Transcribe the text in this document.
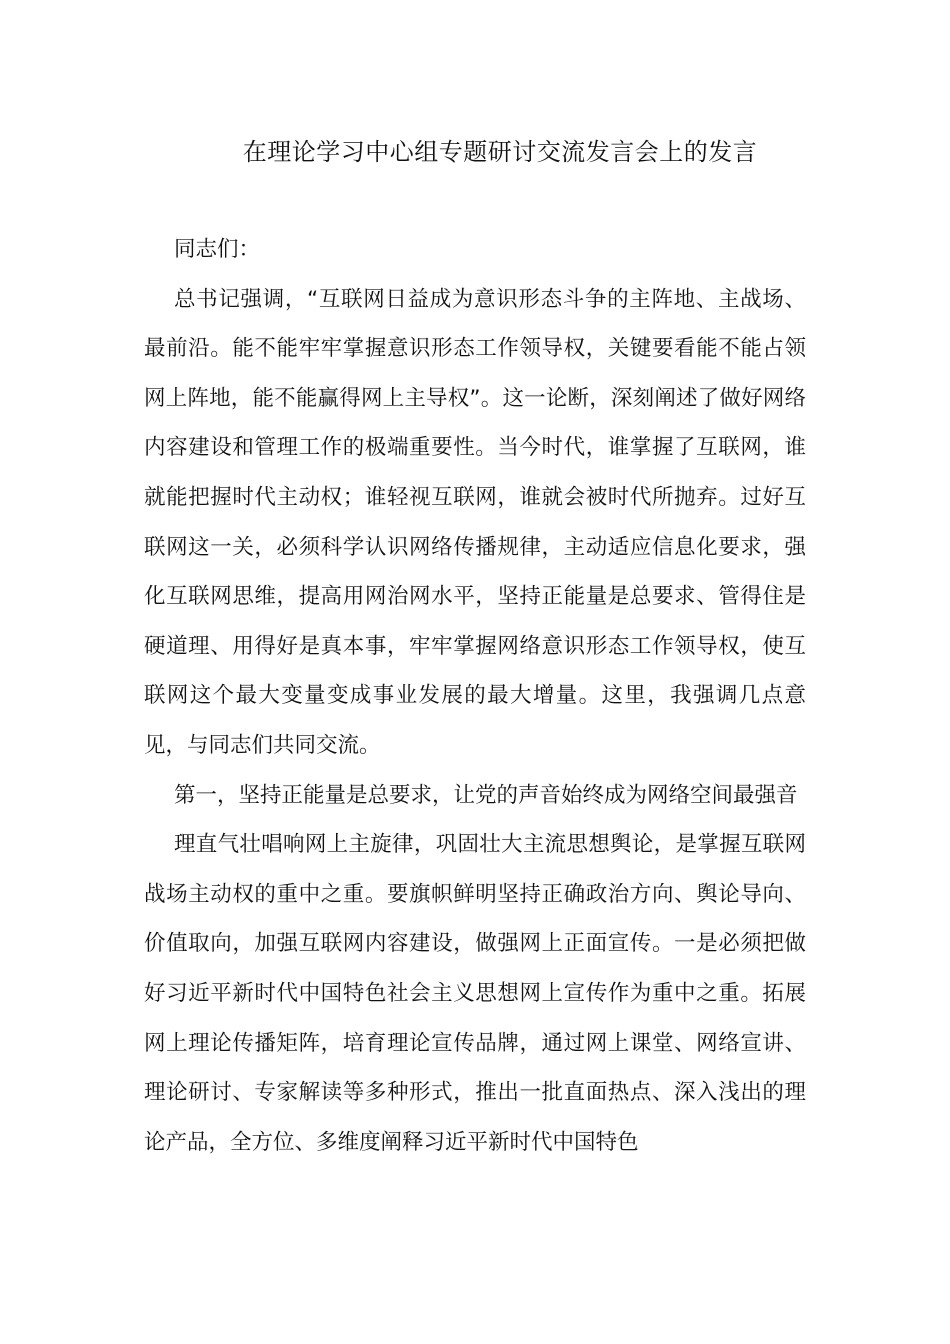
在理论学习中心组专题研讨交流发言会上的发言

同志们：

总书记强调，“互联网日益成为意识形态斗争的主阵地、主战场、最前沿。能不能牢牢掌握意识形态工作领导权，关键要看能不能占领网上阵地，能不能赢得网上主导权”。这一论断，深刻阐述了做好网络内容建设和管理工作的极端重要性。当今时代，谁掌握了互联网，谁就能把握时代主动权；谁轻视互联网，谁就会被时代所抛弃。过好互联网这一关，必须科学认识网络传播规律，主动适应信息化要求，强化互联网思维，提高用网治网水平，坚持正能量是总要求、管得住是硬道理、用得好是真本事，牢牢掌握网络意识形态工作领导权，使互联网这个最大变量变成事业发展的最大增量。这里，我强调几点意见，与同志们共同交流。

第一，坚持正能量是总要求，让党的声音始终成为网络空间最强音

理直气壮唱响网上主旋律，巩固壮大主流思想舆论，是掌握互联网战场主动权的重中之重。要旗帜鲜明坚持正确政治方向、舆论导向、价值取向，加强互联网内容建设，做强网上正面宣传。一是必须把做好习近平新时代中国特色社会主义思想网上宣传作为重中之重。拓展网上理论传播矩阵，培育理论宣传品牌，通过网上课堂、网络宣讲、理论研讨、专家解读等多种形式，推出一批直面热点、深入浅出的理论产品，全方位、多维度阐释习近平新时代中国特色
